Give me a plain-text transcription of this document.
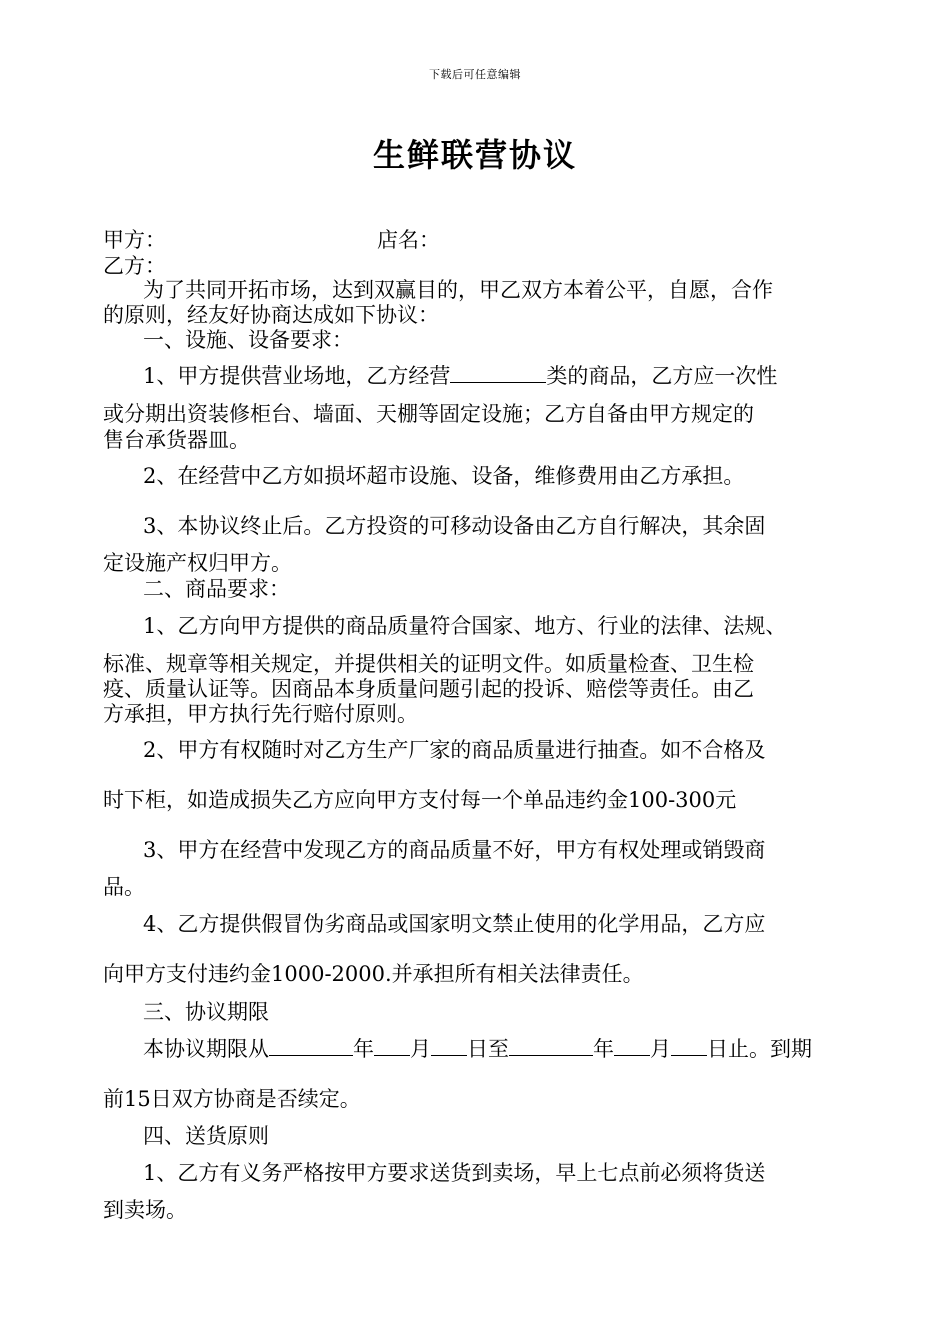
下载后可任意编辑
生鲜联营协议
甲方：	店名：
乙方：
为了共同开拓市场，达到双赢目的，甲乙双方本着公平，自愿，合作
的原则，经友好协商达成如下协议：
一、设施、设备要求：
1、甲方提供营业场地，乙方经营	类的商品，乙方应一次性
或分期出资装修柜台、墙面、天棚等固定设施；乙方自备由甲方规定的
售台承货器皿。
2、在经营中乙方如损坏超市设施、设备，维修费用由乙方承担。
3、本协议终止后。乙方投资的可移动设备由乙方自行解决，其余固
定设施产权归甲方。
二、商品要求：
1、乙方向甲方提供的商品质量符合国家、地方、行业的法律、法规、
标准、规章等相关规定，并提供相关的证明文件。如质量检查、卫生检
疫、质量认证等。因商品本身质量问题引起的投诉、赔偿等责任。由乙
方承担，甲方执行先行赔付原则。
2、甲方有权随时对乙方生产厂家的商品质量进行抽查。如不合格及
时下柜，如造成损失乙方应向甲方支付每一个单品违约金100-300元
3、甲方在经营中发现乙方的商品质量不好，甲方有权处理或销毁商
品。
4、乙方提供假冒伪劣商品或国家明文禁止使用的化学用品，乙方应
向甲方支付违约金1000-2000.并承担所有相关法律责任。
三、协议期限
本协议期限从	年 月 日至	年 月 日止。到期
前15日双方协商是否续定。
四、送货原则
1、乙方有义务严格按甲方要求送货到卖场，早上七点前必须将货送
到卖场。
